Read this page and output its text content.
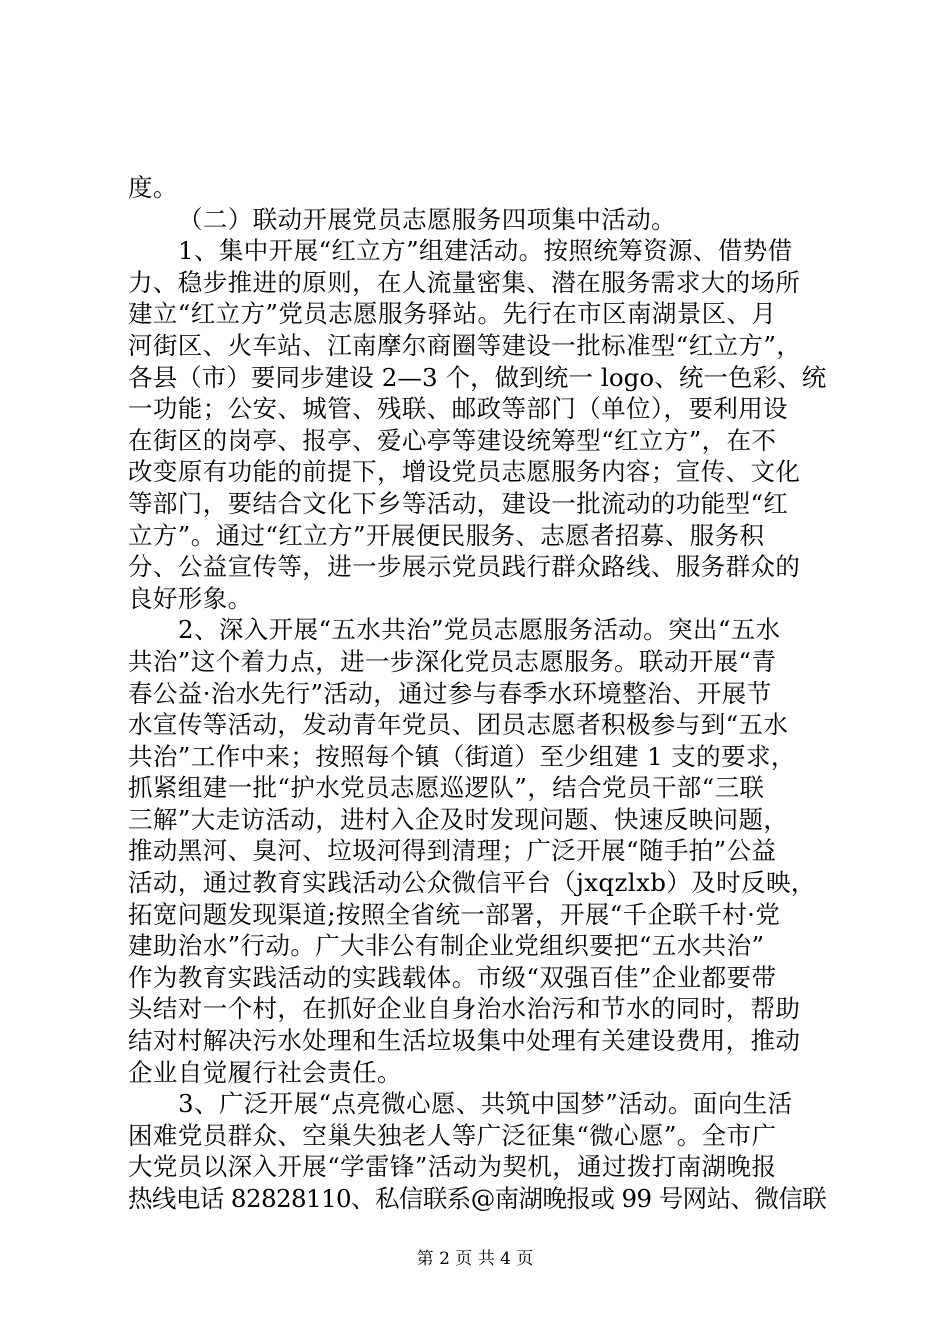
度。
（二）联动开展党员志愿服务四项集中活动。
1、集中开展“红立方”组建活动。按照统筹资源、借势借
力、稳步推进的原则，在人流量密集、潜在服务需求大的场所
建立“红立方”党员志愿服务驿站。先行在市区南湖景区、月
河街区、火车站、江南摩尔商圈等建设一批标准型“红立方”，
各县（市）要同步建设 2—3 个，做到统一 logo、统一色彩、统
一功能；公安、城管、残联、邮政等部门（单位），要利用设
在街区的岗亭、报亭、爱心亭等建设统筹型“红立方”，在不
改变原有功能的前提下，增设党员志愿服务内容；宣传、文化
等部门，要结合文化下乡等活动，建设一批流动的功能型“红
立方”。通过“红立方”开展便民服务、志愿者招募、服务积
分、公益宣传等，进一步展示党员践行群众路线、服务群众的
良好形象。
2、深入开展“五水共治”党员志愿服务活动。突出“五水
共治”这个着力点，进一步深化党员志愿服务。联动开展“青
春公益·治水先行”活动，通过参与春季水环境整治、开展节
水宣传等活动，发动青年党员、团员志愿者积极参与到“五水
共治”工作中来；按照每个镇（街道）至少组建 1 支的要求，
抓紧组建一批“护水党员志愿巡逻队”，结合党员干部“三联
三解”大走访活动，进村入企及时发现问题、快速反映问题，
推动黑河、臭河、垃圾河得到清理；广泛开展“随手拍”公益
活动，通过教育实践活动公众微信平台（jxqzlxb）及时反映，
拓宽问题发现渠道;按照全省统一部署，开展“千企联千村·党
建助治水”行动。广大非公有制企业党组织要把“五水共治”
作为教育实践活动的实践载体。市级“双强百佳”企业都要带
头结对一个村，在抓好企业自身治水治污和节水的同时，帮助
结对村解决污水处理和生活垃圾集中处理有关建设费用，推动
企业自觉履行社会责任。
3、广泛开展“点亮微心愿、共筑中国梦”活动。面向生活
困难党员群众、空巢失独老人等广泛征集“微心愿”。全市广
大党员以深入开展“学雷锋”活动为契机，通过拨打南湖晚报
热线电话 82828110、私信联系@南湖晚报或 99 号网站、微信联
第 2 页 共 4 页
